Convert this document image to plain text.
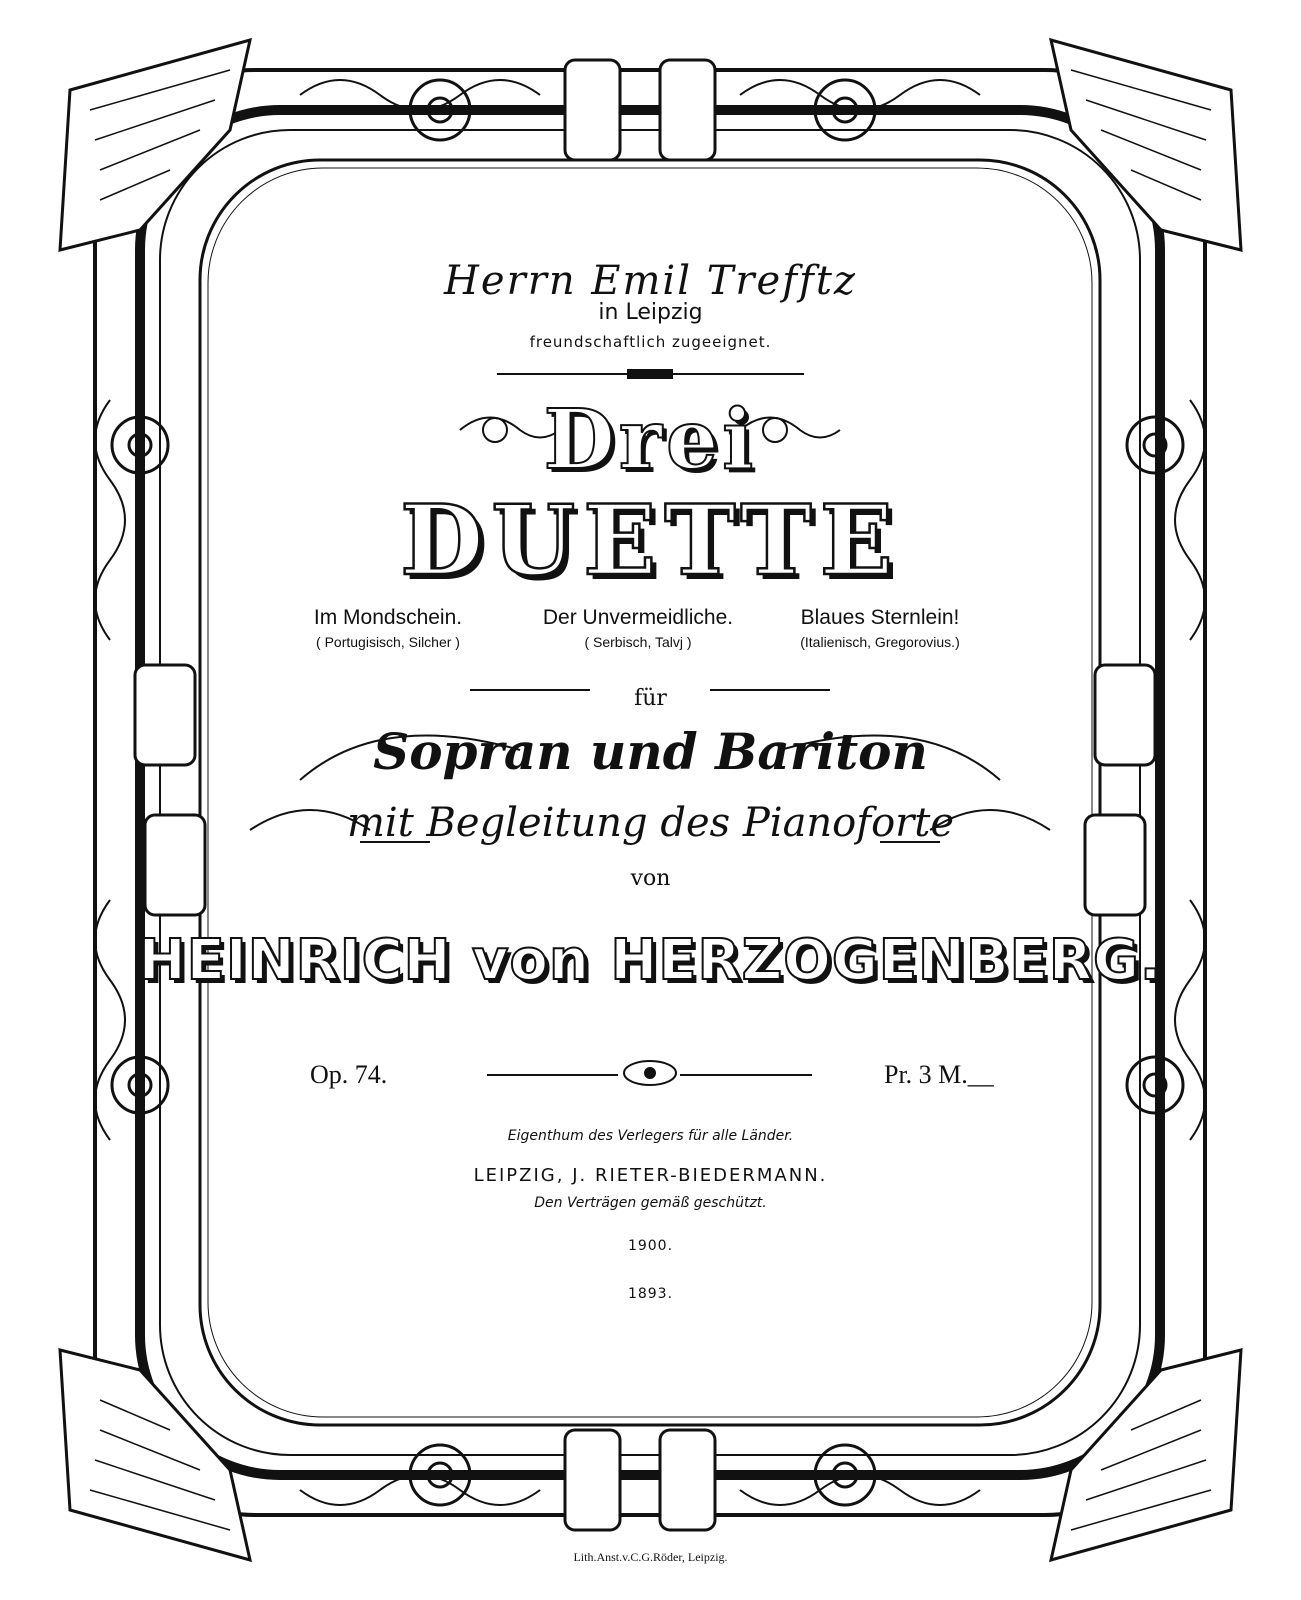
Herrn Emil Trefftz
in Leipzig
freundschaftlich zugeeignet.
Drei
DUETTE
Im Mondschein.
( Portugisisch, Silcher )
Der Unvermeidliche.
( Serbisch, Talvj )
Blaues Sternlein!
(Italienisch, Gregorovius.)
für
Sopran und Bariton
mit Begleitung des Pianoforte
von
HEINRICH von HERZOGENBERG.
Op. 74.	Pr. 3 M.__
Eigenthum des Verlegers für alle Länder.
LEIPZIG, J. RIETER-BIEDERMANN.
Den Verträgen gemäß geschützt.
1900.
1893.
Lith.Anst.v.C.G.Röder, Leipzig.
